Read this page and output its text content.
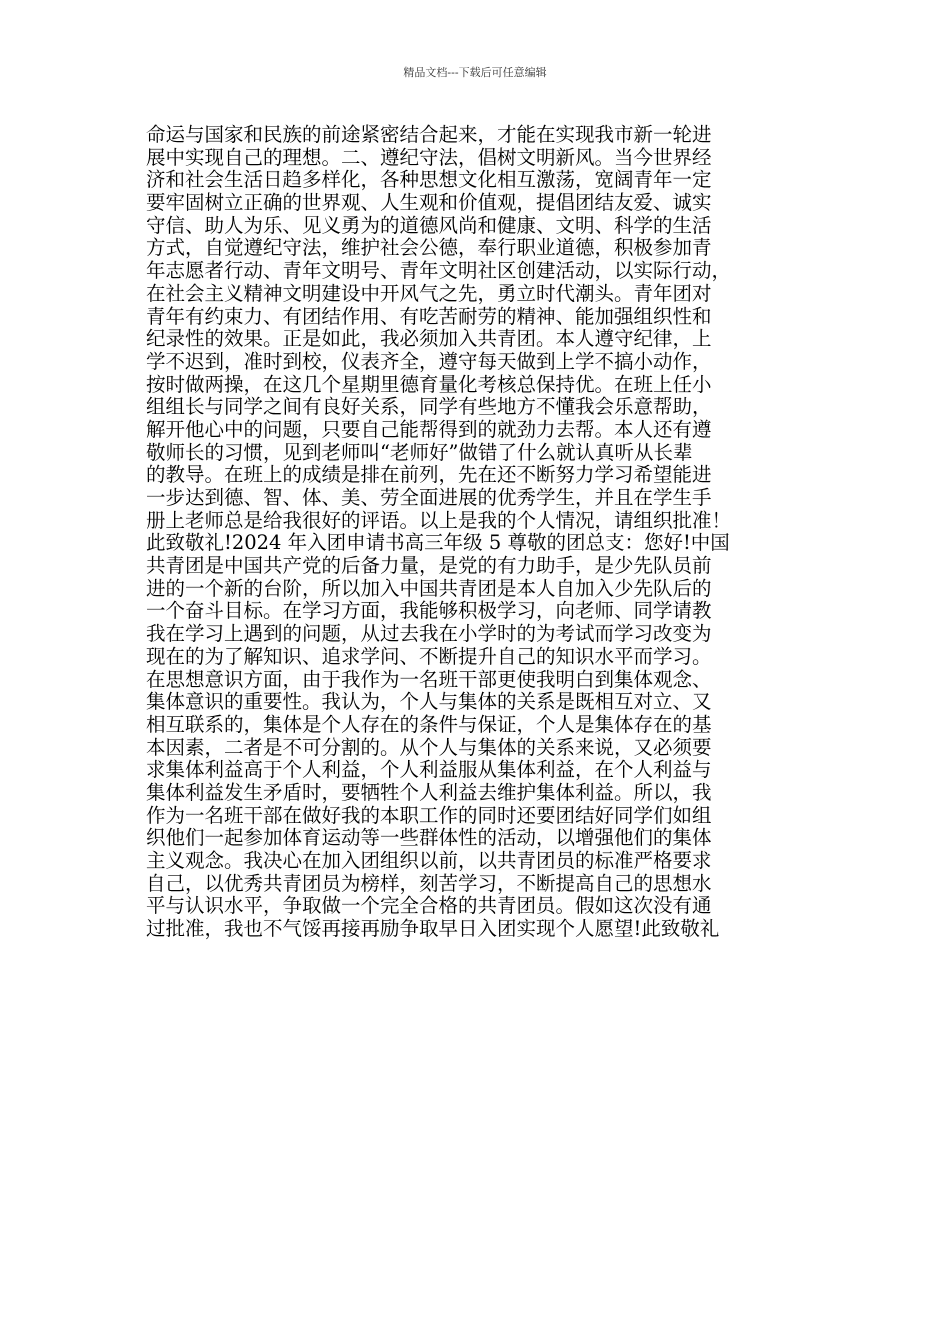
精品文档---下载后可任意编辑
命运与国家和民族的前途紧密结合起来，才能在实现我市新一轮进
展中实现自己的理想。二、遵纪守法，倡树文明新风。当今世界经
济和社会生活日趋多样化，各种思想文化相互激荡，宽阔青年一定
要牢固树立正确的世界观、人生观和价值观，提倡团结友爱、诚实
守信、助人为乐、见义勇为的道德风尚和健康、文明、科学的生活
方式，自觉遵纪守法，维护社会公德，奉行职业道德，积极参加青
年志愿者行动、青年文明号、青年文明社区创建活动，以实际行动，
在社会主义精神文明建设中开风气之先，勇立时代潮头。青年团对
青年有约束力、有团结作用、有吃苦耐劳的精神、能加强组织性和
纪录性的效果。正是如此，我必须加入共青团。本人遵守纪律，上
学不迟到，准时到校，仪表齐全，遵守每天做到上学不搞小动作，
按时做两操，在这几个星期里德育量化考核总保持优。在班上任小
组组长与同学之间有良好关系，同学有些地方不懂我会乐意帮助，
解开他心中的问题，只要自己能帮得到的就劲力去帮。本人还有遵
敬师长的习惯，见到老师叫“老师好”做错了什么就认真听从长辈
的教导。在班上的成绩是排在前列，先在还不断努力学习希望能进
一步达到德、智、体、美、劳全面进展的优秀学生，并且在学生手
册上老师总是给我很好的评语。以上是我的个人情况，请组织批准！
此致敬礼!2024 年入团申请书高三年级 5 尊敬的团总支：您好!中国
共青团是中国共产党的后备力量，是党的有力助手，是少先队员前
进的一个新的台阶，所以加入中国共青团是本人自加入少先队后的
一个奋斗目标。在学习方面，我能够积极学习，向老师、同学请教
我在学习上遇到的问题，从过去我在小学时的为考试而学习改变为
现在的为了解知识、追求学问、不断提升自己的知识水平而学习。
在思想意识方面，由于我作为一名班干部更使我明白到集体观念、
集体意识的重要性。我认为，个人与集体的关系是既相互对立、又
相互联系的，集体是个人存在的条件与保证，个人是集体存在的基
本因素，二者是不可分割的。从个人与集体的关系来说，又必须要
求集体利益高于个人利益，个人利益服从集体利益，在个人利益与
集体利益发生矛盾时，要牺牲个人利益去维护集体利益。所以，我
作为一名班干部在做好我的本职工作的同时还要团结好同学们如组
织他们一起参加体育运动等一些群体性的活动，以增强他们的集体
主义观念。我决心在加入团组织以前，以共青团员的标准严格要求
自己，以优秀共青团员为榜样，刻苦学习，不断提高自己的思想水
平与认识水平，争取做一个完全合格的共青团员。假如这次没有通
过批准，我也不气馁再接再励争取早日入团实现个人愿望!此致敬礼
